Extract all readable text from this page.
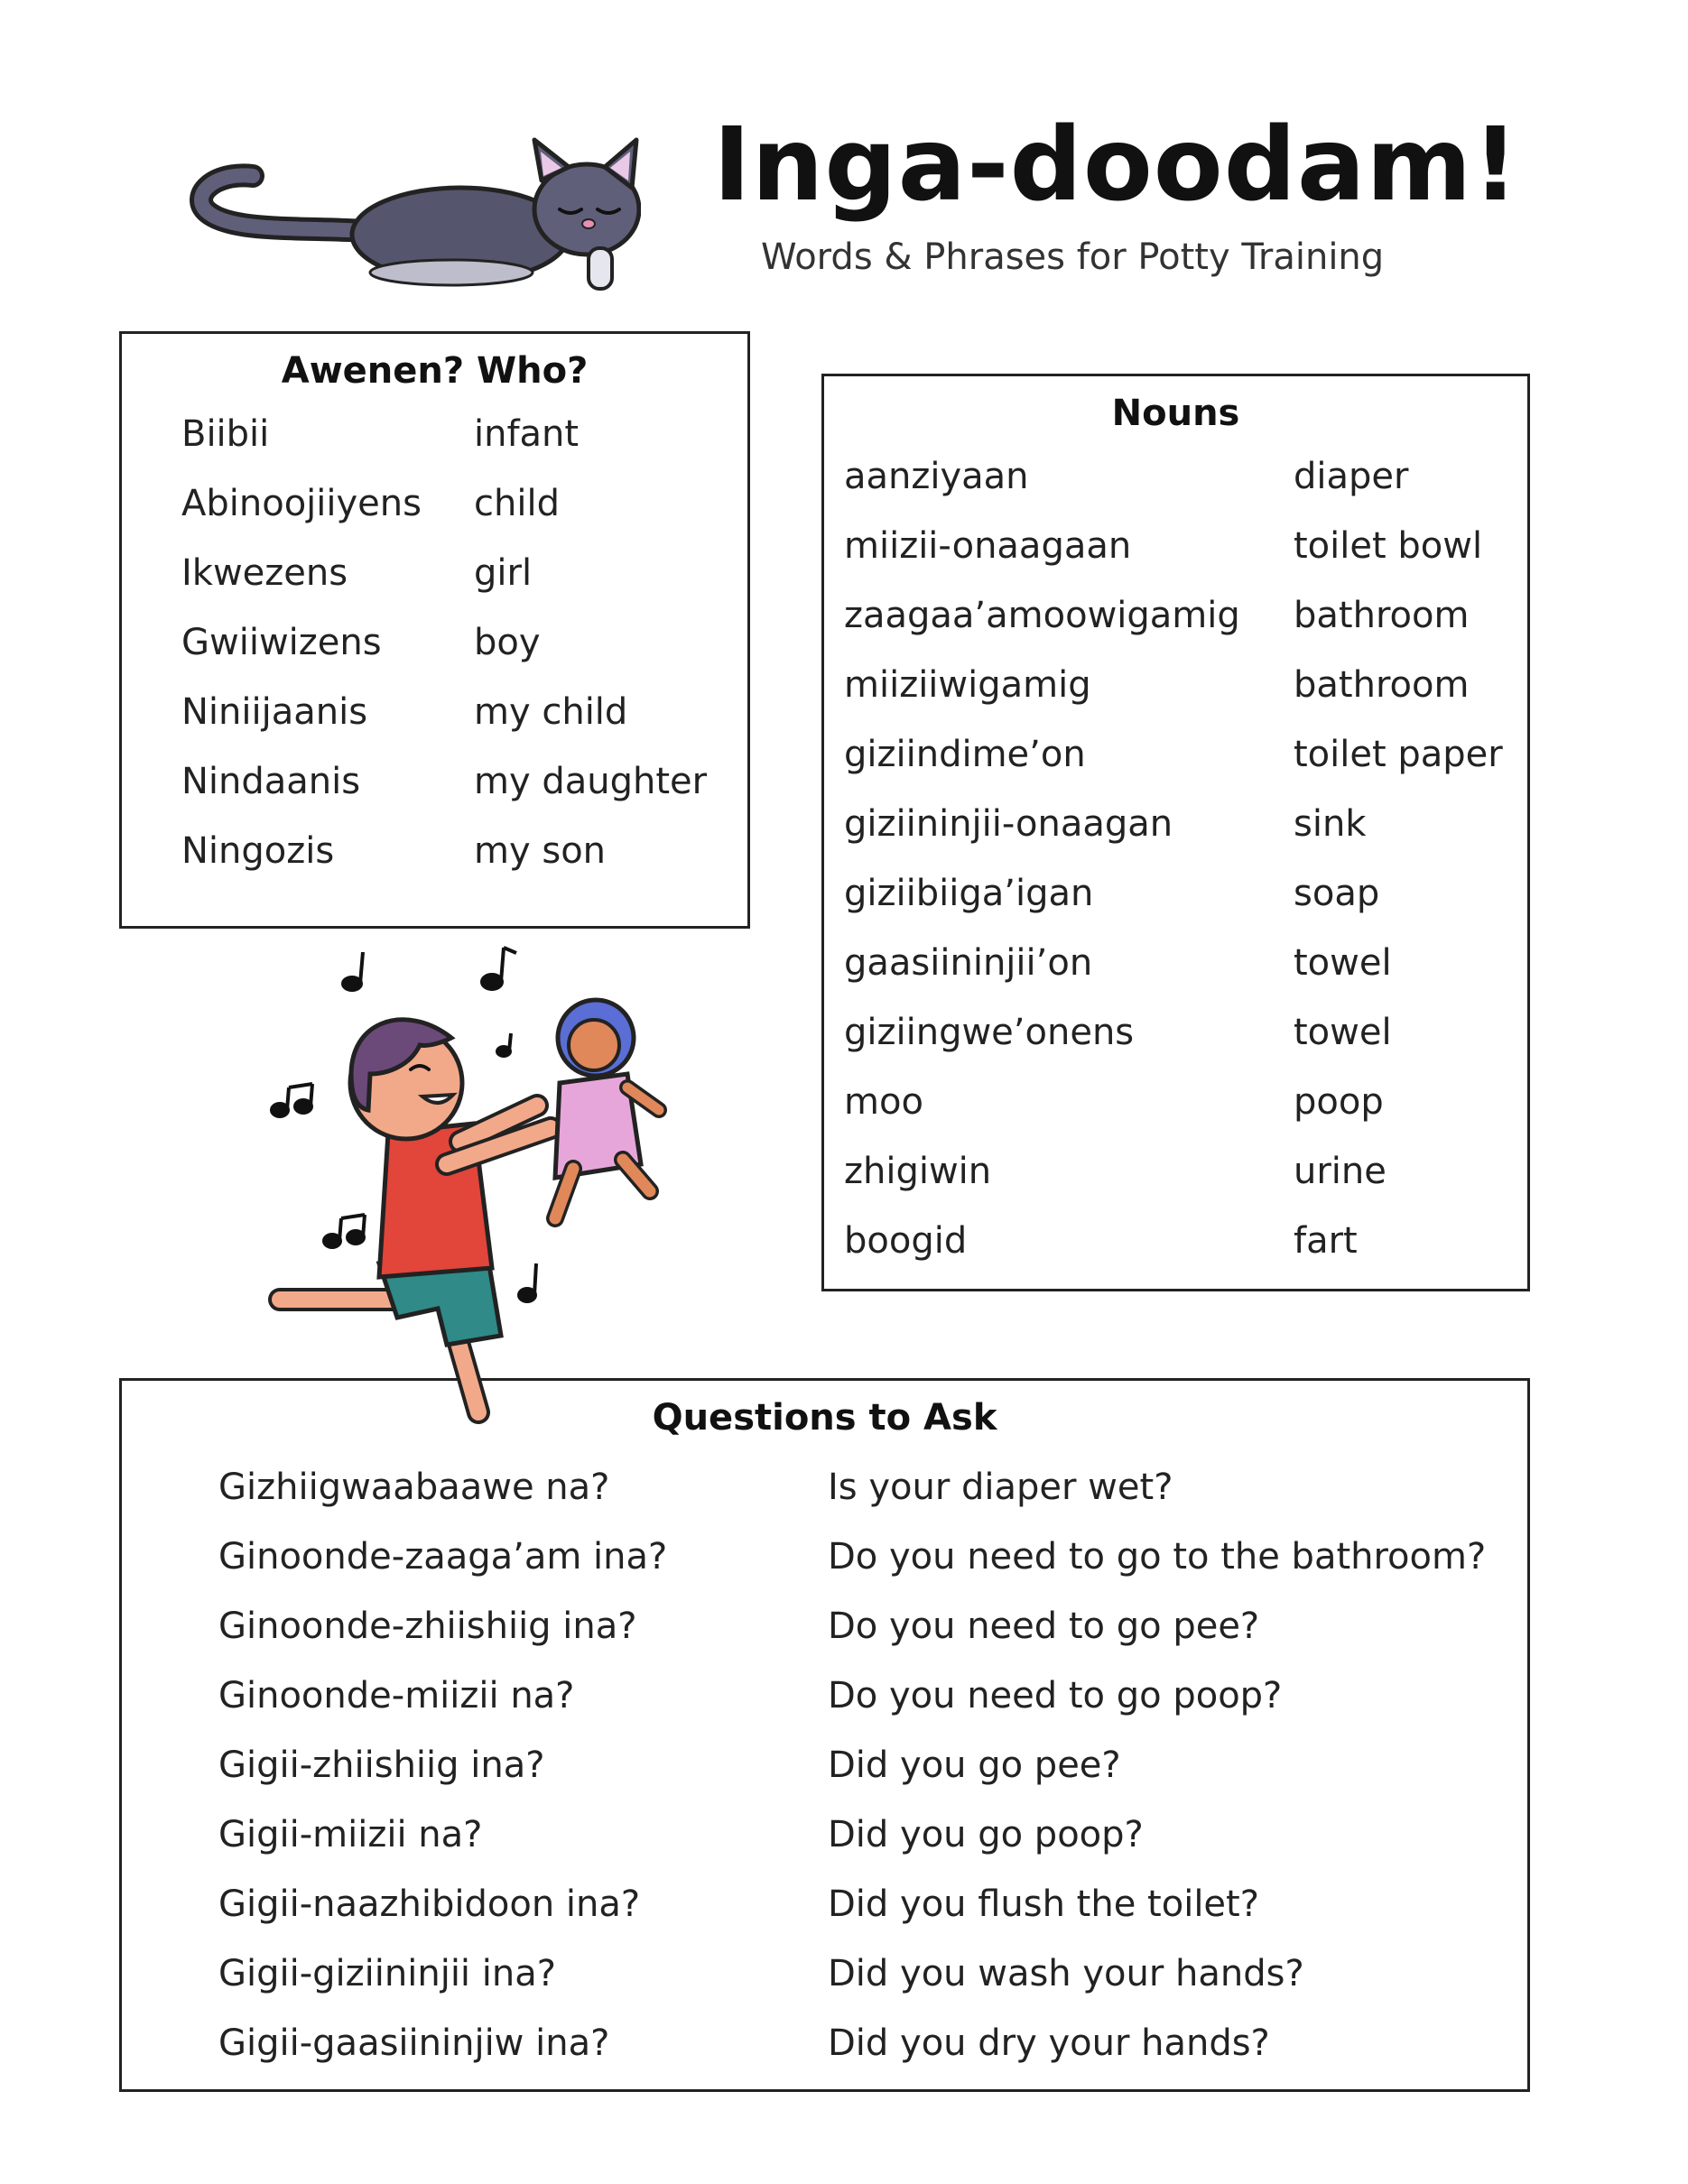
Inga-doodam!
Words & Phrases for Potty Training
Awenen? Who?
Biibii	infant
Abinoojiiyens child
Ikwezens	girl
Gwiiwizens	boy
Niniijaanis	my child
Nindaanis	my daughter
Ningozis	my son
Nouns
aanziyaan	diaper
miizii-onaagaan	toilet bowl
zaagaa’amoowigamig bathroom
miiziiwigamig	bathroom
giziindime’on	toilet paper
giziininjii-onaagan	sink
giziibiiga’igan	soap
gaasiininjii’on	towel
giziingwe’onens	towel
moo	poop
zhigiwin	urine
boogid	fart
Questions to Ask
Gizhiigwaabaawe na?	Is your diaper wet?
Ginoonde-zaaga’am ina?	Do you need to go to the bathroom?
Ginoonde-zhiishiig ina?	Do you need to go pee?
Ginoonde-miizii na?	Do you need to go poop?
Gigii-zhiishiig ina?	Did you go pee?
Gigii-miizii na?	Did you go poop?
Gigii-naazhibidoon ina?	Did you flush the toilet?
Gigii-giziininjii ina?	Did you wash your hands?
Gigii-gaasiininjiw ina?	Did you dry your hands?
